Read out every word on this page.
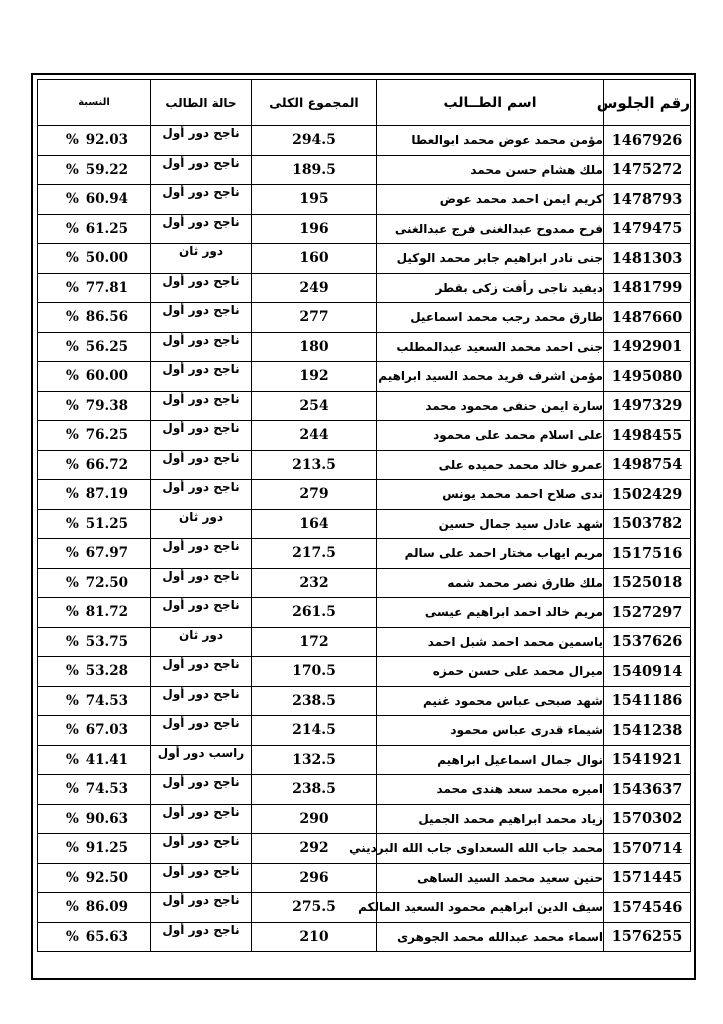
رقم الجلوس	اسم الطــالب	المجموع الكلى	حالة الطالب	النسبة
1467926	مؤمن محمد عوض محمد ابوالعطا	294.5	ناجح دور أول	% 92.03

1475272	ملك هشام حسن محمد	189.5	ناجح دور أول	% 59.22

1478793	كريم ايمن احمد محمد عوض	195	ناجح دور أول	% 60.94

1479475	فرح ممدوح عبدالغنى فرج عبدالغنى	196	ناجح دور أول	% 61.25

1481303	جنى نادر ابراهيم جابر محمد الوكيل	160	دور ثان	% 50.00

1481799	ديفيد ناجى رأفت زكى بقطر	249	ناجح دور أول	% 77.81

1487660	طارق محمد رجب محمد اسماعيل	277	ناجح دور أول	% 86.56

1492901	جنى احمد محمد السعيد عبدالمطلب	180	ناجح دور أول	% 56.25

1495080	مؤمن اشرف فريد محمد السيد ابراهيم	192	ناجح دور أول	% 60.00

1497329	سارة ايمن حنفى محمود محمد	254	ناجح دور أول	% 79.38

1498455	على اسلام محمد على محمود	244	ناجح دور أول	% 76.25

1498754	عمرو خالد محمد حميده على	213.5	ناجح دور أول	% 66.72

1502429	ندى صلاح احمد محمد يونس	279	ناجح دور أول	% 87.19

1503782	شهد عادل سيد جمال حسين	164	دور ثان	% 51.25

1517516	مريم ايهاب مختار احمد على سالم	217.5	ناجح دور أول	% 67.97

1525018	ملك طارق نصر محمد شمه	232	ناجح دور أول	% 72.50

1527297	مريم خالد احمد ابراهيم عيسى	261.5	ناجح دور أول	% 81.72

1537626	ياسمين محمد احمد شبل احمد	172	دور ثان	% 53.75

1540914	ميرال محمد على حسن حمزه	170.5	ناجح دور أول	% 53.28

1541186	شهد صبحى عباس محمود غنيم	238.5	ناجح دور أول	% 74.53

1541238	شيماء قدرى عباس محمود	214.5	ناجح دور أول	% 67.03

1541921	نوال جمال اسماعيل ابراهيم	132.5	راسب دور أول	% 41.41

1543637	اميره محمد سعد هندى محمد	238.5	ناجح دور أول	% 74.53

1570302	زياد محمد ابراهيم محمد الجميل	290	ناجح دور أول	% 90.63

1570714	محمد جاب الله السعداوى جاب الله البرديني	292	ناجح دور أول	% 91.25

1571445	حنين سعيد محمد السيد الساهى	296	ناجح دور أول	% 92.50

1574546	سيف الدين ابراهيم محمود السعيد المالكم	275.5	ناجح دور أول	% 86.09

1576255	اسماء محمد عبدالله محمد الجوهرى	210	ناجح دور أول	% 65.63
